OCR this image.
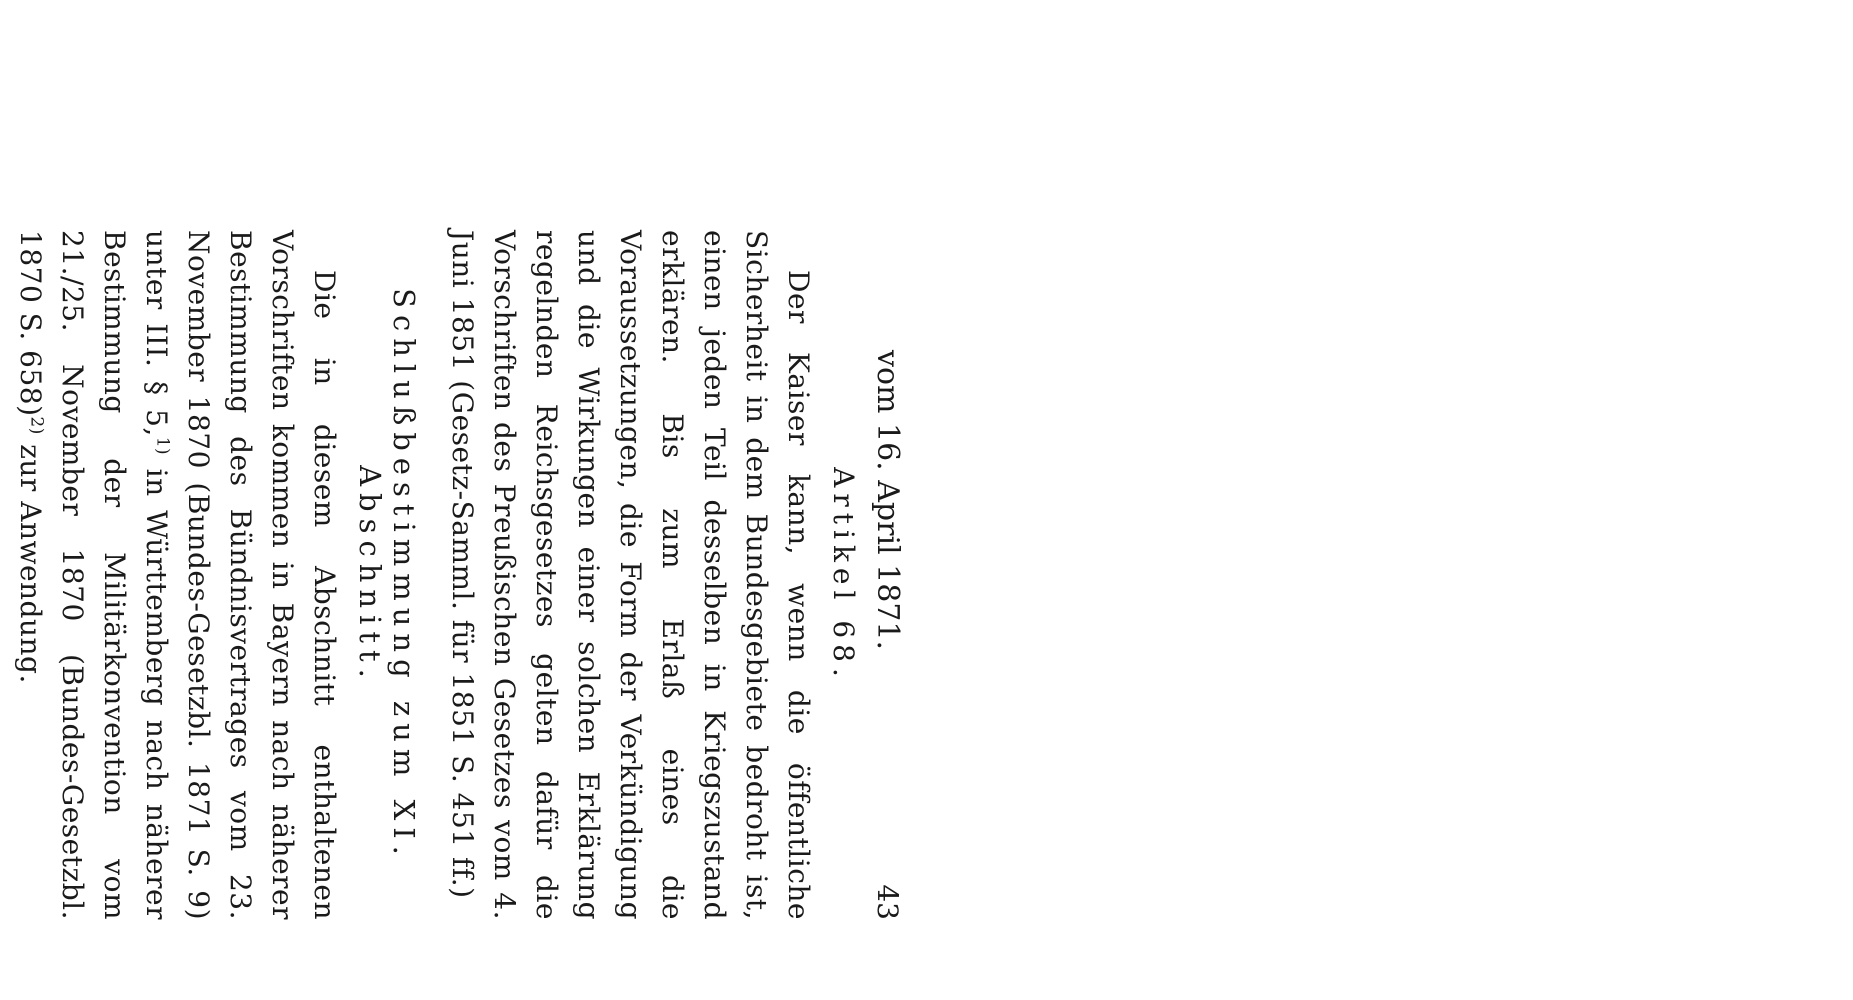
vom 16. April 1871.
43
Artikel 68.

Der Kaiser kann, wenn die öffentliche Sicherheit in dem Bundesgebiete bedroht ist, einen jeden Teil desselben in Kriegszustand erklären. Bis zum Erlaß eines die Voraussetzungen, die Form der Verkündigung und die Wirkungen einer solchen Erklärung regelnden Reichsgesetzes gelten dafür die Vorschriften des Preußischen Gesetzes vom 4. Juni 1851 (Gesetz-Samml. für 1851 S. 451 ff.)

Schlußbestimmung zum XI. Abschnitt.

Die in diesem Abschnitt enthaltenen Vorschriften kommen in Bayern nach näherer Bestimmung des Bündnisvertrages vom 23. November 1870 (Bundes-Gesetzbl. 1871 S. 9) unter III. § 5,$^{1)}$ in Württemberg nach näherer Bestimmung der Militärkonvention vom 21./25. November 1870 (Bundes-Gesetzbl. 1870 S. 658)$^{2)}$ zur Anwendung.
